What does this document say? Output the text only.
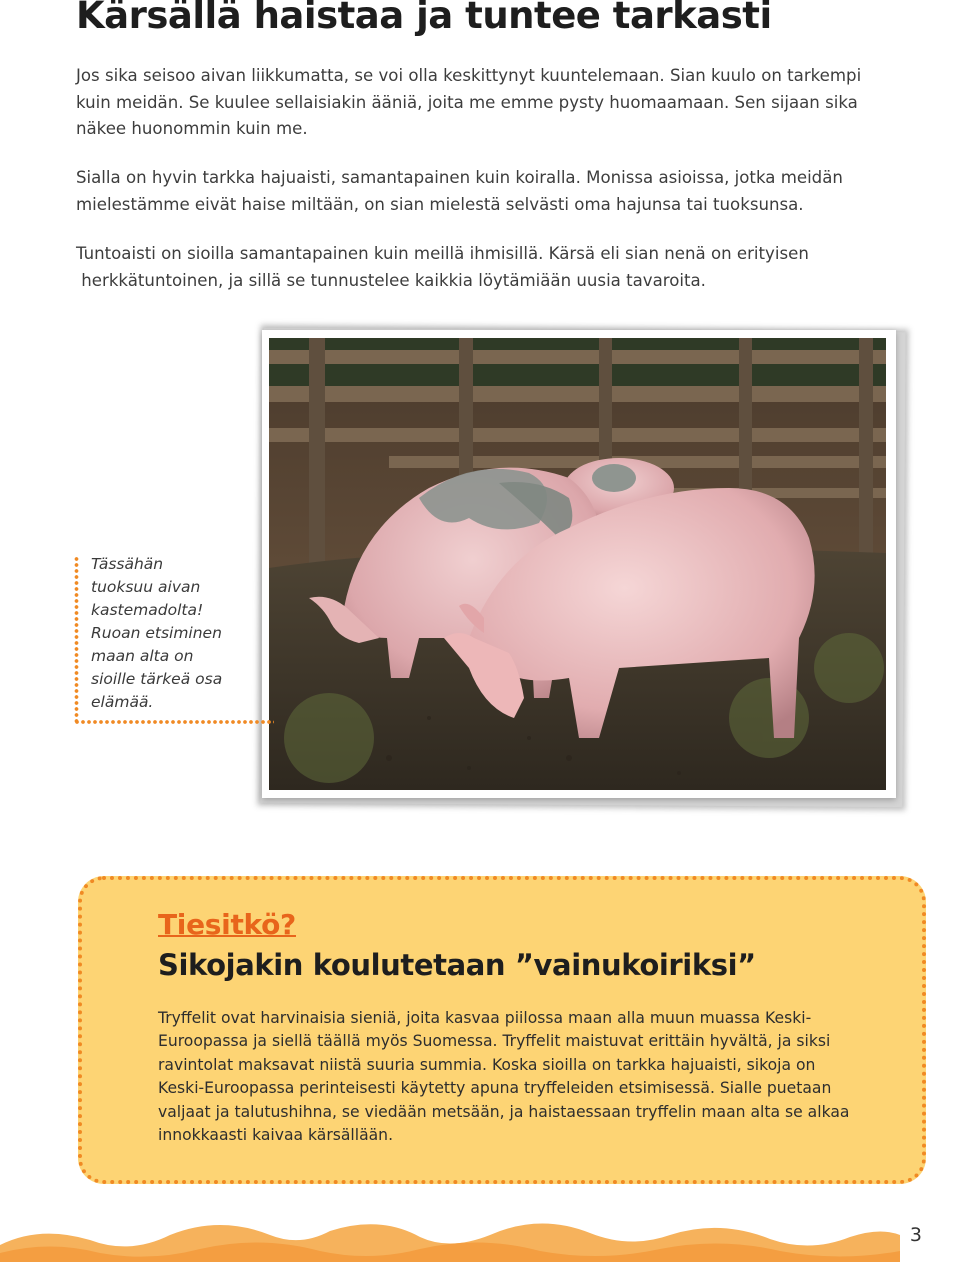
Kärsällä haistaa ja tuntee tarkasti

Jos sika seisoo aivan liikkumatta, se voi olla keskittynyt kuuntelemaan. Sian kuulo on tarkempi
kuin meidän. Se kuulee sellaisiakin ääniä, joita me emme pysty huomaamaan. Sen sijaan sika
näkee huonommin kuin me.

Sialla on hyvin tarkka hajuaisti, samantapainen kuin koiralla. Monissa asioissa, jotka meidän
mielestämme eivät haise miltään, on sian mielestä selvästi oma hajunsa tai tuoksunsa.

Tuntoaisti on sioilla samantapainen kuin meillä ihmisillä. Kärsä eli sian nenä on erityisen
herkkätuntoinen, ja sillä se tunnustelee kaikkia löytämiään uusia tavaroita.

Tässähän
tuoksuu aivan
kastemadolta!
Ruoan etsiminen
maan alta on
sioille tärkeä osa
elämää.

Tiesitkö?
Sikojakin koulutetaan ”vainukoiriksi”

Tryffelit ovat harvinaisia sieniä, joita kasvaa piilossa maan alla muun muassa Keski-
Euroopassa ja siellä täällä myös Suomessa. Tryffelit maistuvat erittäin hyvältä, ja siksi
ravintolat maksavat niistä suuria summia. Koska sioilla on tarkka hajuaisti, sikoja on
Keski-Euroopassa perinteisesti käytetty apuna tryffeleiden etsimisessä. Sialle puetaan
valjaat ja talutushihna, se viedään metsään, ja haistaessaan tryffelin maan alta se alkaa
innokkaasti kaivaa kärsällään.

3
